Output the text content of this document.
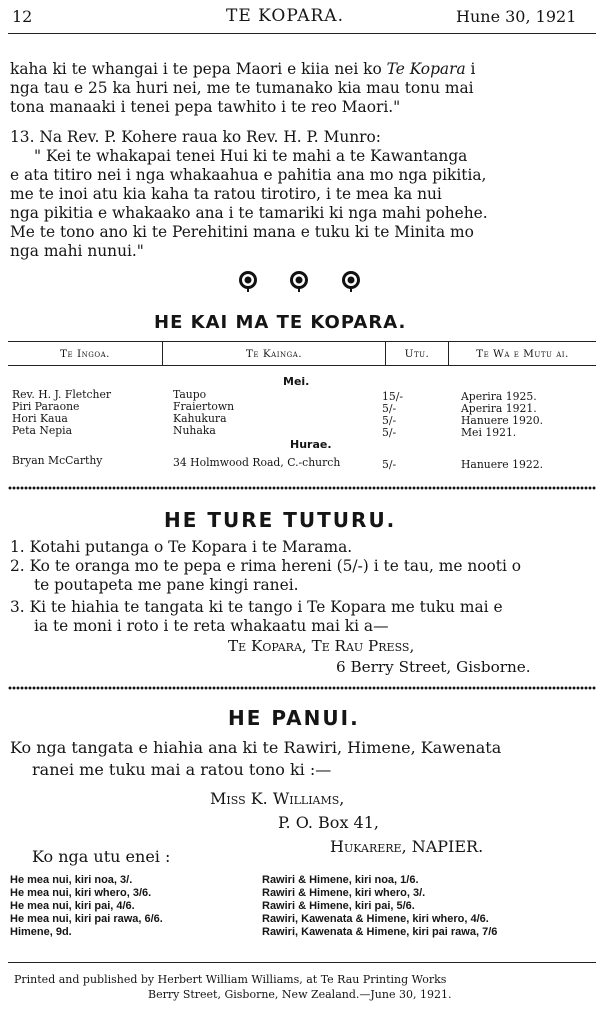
12	TE KOPARA.	Hune 30, 1921
kaha ki te whangai i te pepa Maori e kiia nei ko Te Kopara i
nga tau e 25 ka huri nei, me te tumanako kia mau tonu mai
tona manaaki i tenei pepa tawhito i te reo Maori."
13. Na Rev. P. Kohere raua ko Rev. H. P. Munro:
" Kei te whakapai tenei Hui ki te mahi a te Kawantanga
e ata titiro nei i nga whakaahua e pahitia ana mo nga pikitia,
me te inoi atu kia kaha ta ratou tirotiro, i te mea ka nui
nga pikitia e whakaako ana i te tamariki ki nga mahi pohehe.
Me te tono ano ki te Perehitini mana e tuku ki te Minita mo
nga mahi nunui."
HE KAI MA TE KOPARA.
Te Ingoa.	Te Kainga.	Utu.	Te Wa e Mutu ai.
Mei.
Rev. H. J. Fletcher	Taupo	15/-	Aperira 1925.
Piri Paraone	Fraiertown	5/-	Aperira 1921.
Hori Kaua	Kahukura	5/-	Hanuere 1920.
Peta Nepia	Nuhaka	5/-	Mei 1921.
Hurae.
Bryan McCarthy	34 Holmwood Road, C.-church	5/-	Hanuere 1922.
HE TURE TUTURU.
1. Kotahi putanga o Te Kopara i te Marama.
2. Ko te oranga mo te pepa e rima hereni (5/-) i te tau, me nooti o
te poutapeta me pane kingi ranei.
3. Ki te hiahia te tangata ki te tango i Te Kopara me tuku mai e
ia te moni i roto i te reta whakaatu mai ki a—
Te Kopara, Te Rau Press,
6 Berry Street, Gisborne.
HE PANUI.
Ko nga tangata e hiahia ana ki te Rawiri, Himene, Kawenata
ranei me tuku mai a ratou tono ki :—
Miss K. Williams,
P. O. Box 41,
Hukarere, NAPIER.
Ko nga utu enei :
He mea nui, kiri noa, 3/.
He mea nui, kiri whero, 3/6.
He mea nui, kiri pai, 4/6.
He mea nui, kiri pai rawa, 6/6.
Himene, 9d.
Rawiri & Himene, kiri noa, 1/6.
Rawiri & Himene, kiri whero, 3/.
Rawiri & Himene, kiri pai, 5/6.
Rawiri, Kawenata & Himene, kiri whero, 4/6.
Rawiri, Kawenata & Himene, kiri pai rawa, 7/6
Printed and published by Herbert William Williams, at Te Rau Printing Works
Berry Street, Gisborne, New Zealand.—June 30, 1921.
